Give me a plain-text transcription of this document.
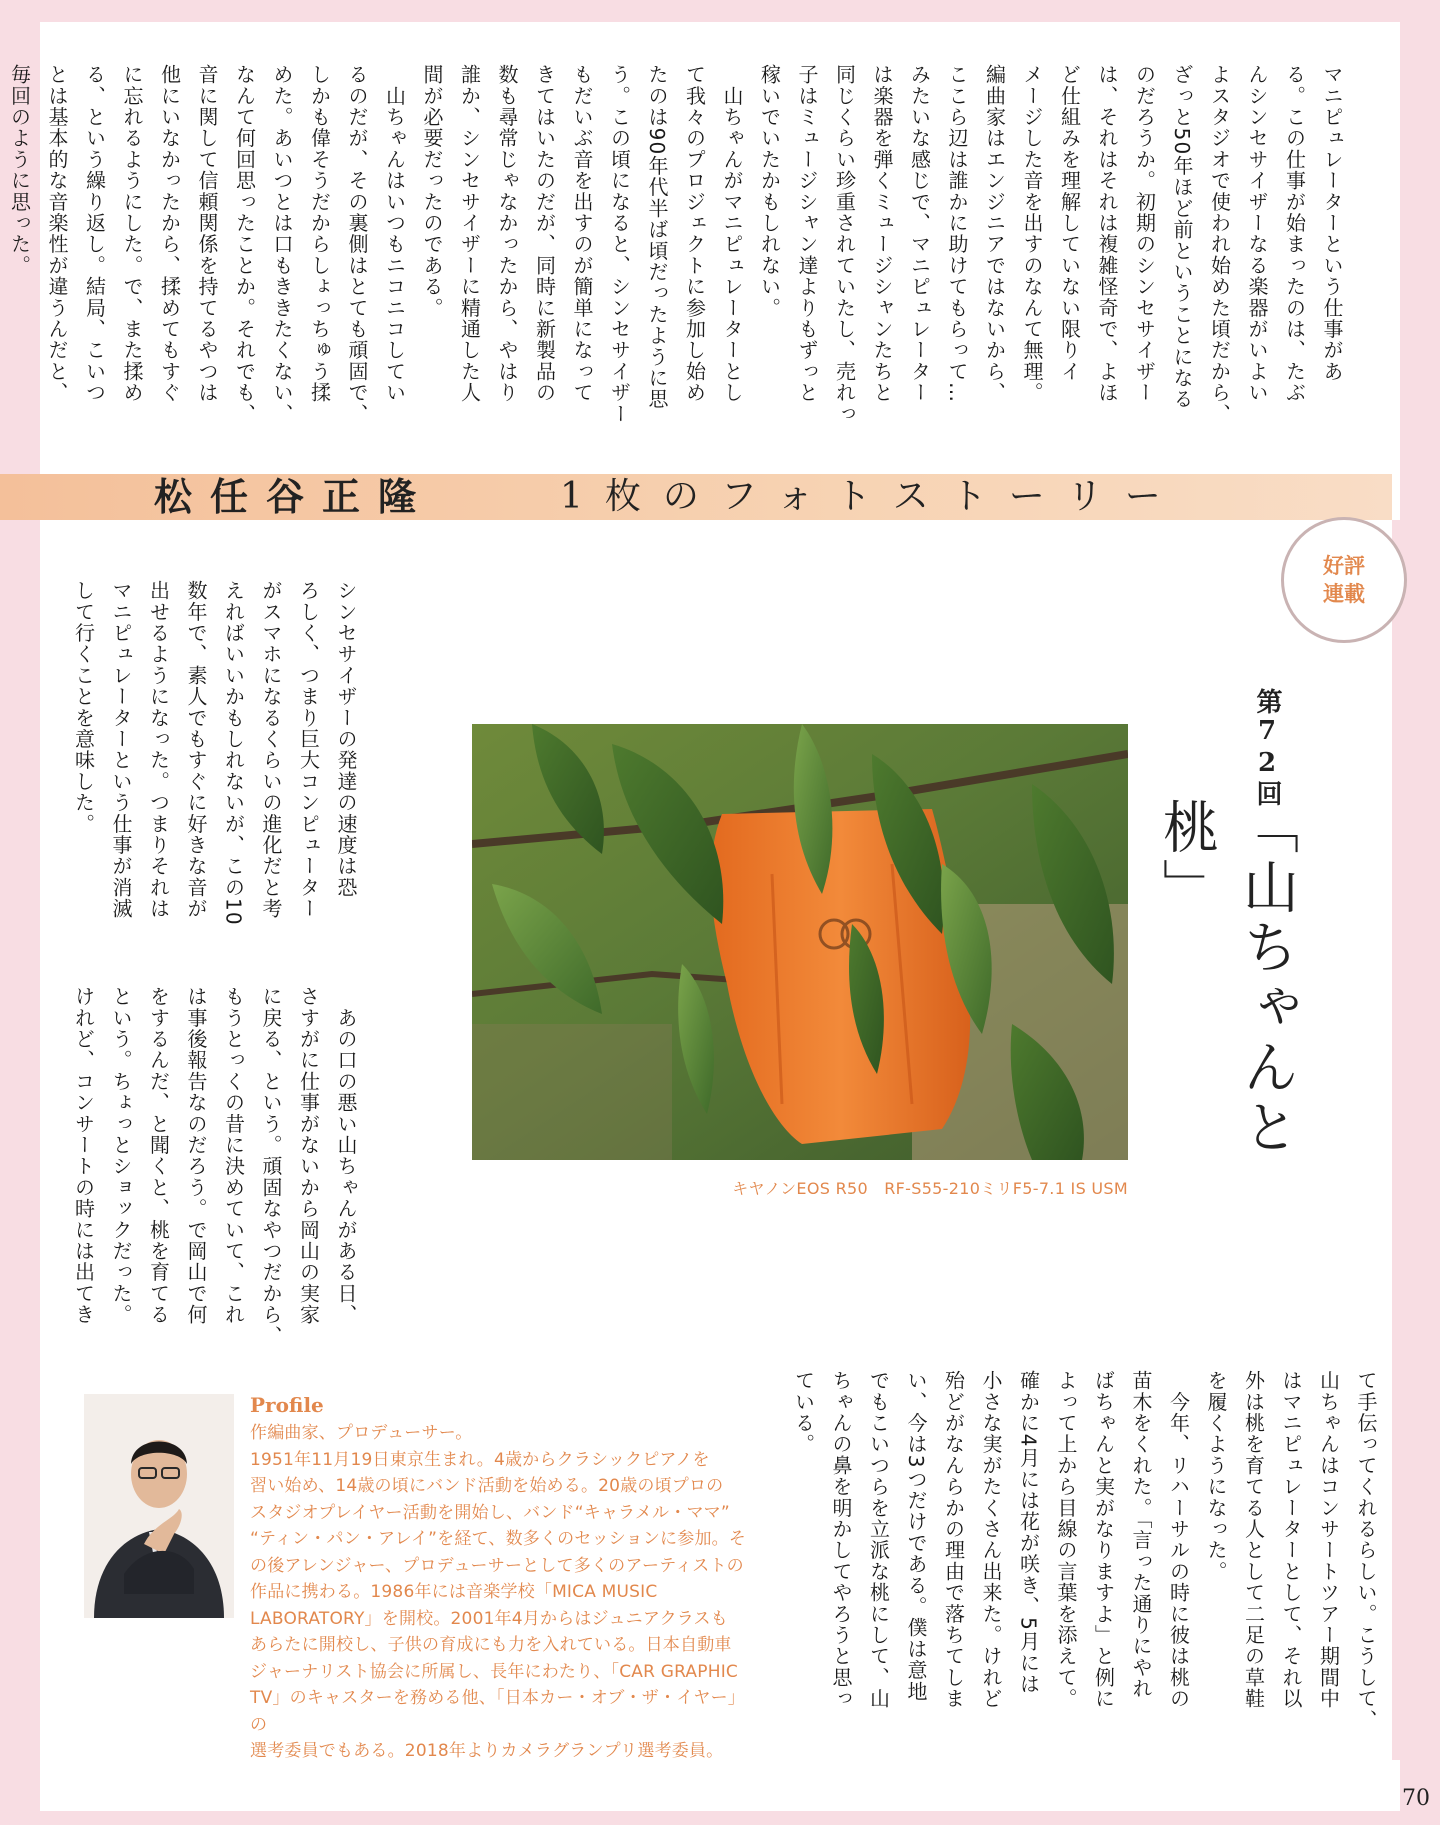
マニピュレーターという仕事があ
る。この仕事が始まったのは、たぶ
んシンセサイザーなる楽器がいよい
よスタジオで使われ始めた頃だから、
ざっと50年ほど前ということになる
のだろうか。初期のシンセサイザー
は、それはそれは複雑怪奇で、よほ
ど仕組みを理解していない限りイ
メージした音を出すのなんて無理。
編曲家はエンジニアではないから、
ここら辺は誰かに助けてもらって…
みたいな感じで、マニピュレーター
は楽器を弾くミュージシャンたちと
同じくらい珍重されていたし、売れっ
子はミュージシャン達よりもずっと
稼いでいたかもしれない。
　山ちゃんがマニピュレーターとし
て我々のプロジェクトに参加し始め
たのは90年代半ば頃だったように思
う。この頃になると、シンセサイザー
もだいぶ音を出すのが簡単になって
きてはいたのだが、同時に新製品の
数も尋常じゃなかったから、やはり
誰か、シンセサイザーに精通した人
間が必要だったのである。
　山ちゃんはいつもニコニコしてい
るのだが、その裏側はとても頑固で、
しかも偉そうだからしょっちゅう揉
めた。あいつとは口もききたくない、
なんて何回思ったことか。それでも、
音に関して信頼関係を持てるやつは
他にいなかったから、揉めてもすぐ
に忘れるようにした。で、また揉め
る、という繰り返し。結局、こいつ
とは基本的な音楽性が違うんだと、
毎回のように思った。
松任谷正隆	1枚のフォトストーリー
好評
連載
シンセサイザーの発達の速度は恐
ろしく、つまり巨大コンピューター
がスマホになるくらいの進化だと考
えればいいかもしれないが、この10
数年で、素人でもすぐに好きな音が
出せるようになった。つまりそれは
マニピュレーターという仕事が消滅
して行くことを意味した。
　あの口の悪い山ちゃんがある日、
さすがに仕事がないから岡山の実家
に戻る、という。頑固なやつだから、
もうとっくの昔に決めていて、これ
は事後報告なのだろう。で岡山で何
をするんだ、と聞くと、桃を育てる
という。ちょっとショックだった。
けれど、コンサートの時には出てき
第72回
「山ちゃんと桃」
キヤノンEOS R50　RF-S55-210ミリF5-7.1 IS USM
て手伝ってくれるらしい。こうして、
山ちゃんはコンサートツアー期間中
はマニピュレーターとして、それ以
外は桃を育てる人として二足の草鞋
を履くようになった。
　今年、リハーサルの時に彼は桃の
苗木をくれた。「言った通りにやれ
ばちゃんと実がなりますよ」と例に
よって上から目線の言葉を添えて。
確かに4月には花が咲き、5月には
小さな実がたくさん出来た。けれど
殆どがなんらかの理由で落ちてしま
い、今は3つだけである。僕は意地
でもこいつらを立派な桃にして、山
ちゃんの鼻を明かしてやろうと思っ
ている。
Profile
作編曲家、プロデューサー。
1951年11月19日東京生まれ。4歳からクラシックピアノを
習い始め、14歳の頃にバンド活動を始める。20歳の頃プロの
スタジオプレイヤー活動を開始し、バンド“キャラメル・ママ”
“ティン・パン・アレイ”を経て、数多くのセッションに参加。そ
の後アレンジャー、プロデューサーとして多くのアーティストの
作品に携わる。1986年には音楽学校「MICA MUSIC
LABORATORY」を開校。2001年4月からはジュニアクラスも
あらたに開校し、子供の育成にも力を入れている。日本自動車
ジャーナリスト協会に所属し、長年にわたり、「CAR GRAPHIC
TV」のキャスターを務める他、「日本カー・オブ・ザ・イヤー」の
選考委員でもある。2018年よりカメラグランプリ選考委員。
70
